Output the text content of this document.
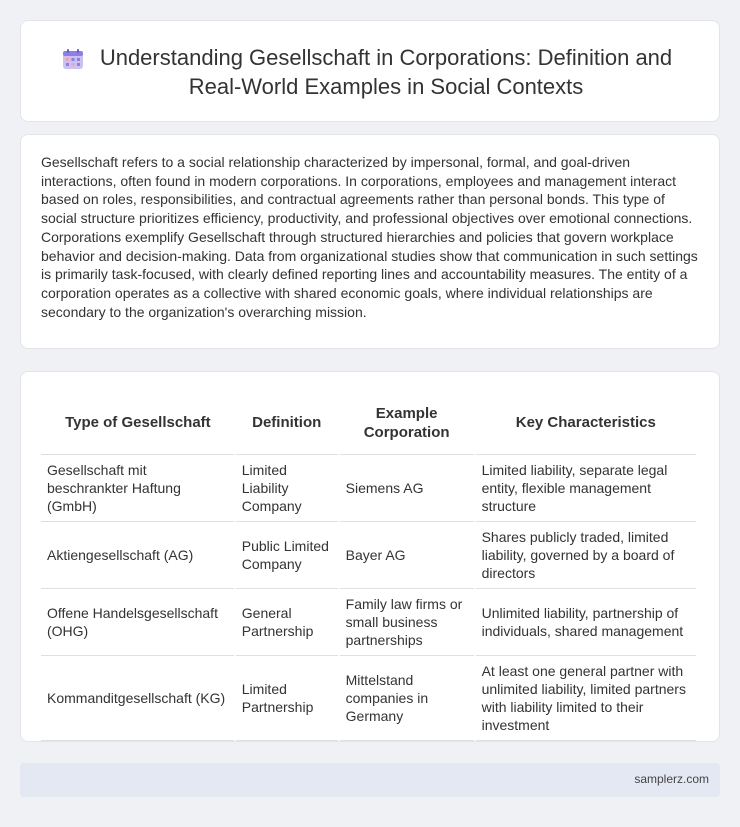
Understanding Gesellschaft in Corporations: Definition and Real-World Examples in Social Contexts

Gesellschaft refers to a social relationship characterized by impersonal, formal, and goal-driven interactions, often found in modern corporations. In corporations, employees and management interact based on roles, responsibilities, and contractual agreements rather than personal bonds. This type of social structure prioritizes efficiency, productivity, and professional objectives over emotional connections. Corporations exemplify Gesellschaft through structured hierarchies and policies that govern workplace behavior and decision-making. Data from organizational studies show that communication in such settings is primarily task-focused, with clearly defined reporting lines and accountability measures. The entity of a corporation operates as a collective with shared economic goals, where individual relationships are secondary to the organization's overarching mission.

Type of Gesellschaft	Definition	Example Corporation	Key Characteristics
Gesellschaft mit beschrankter Haftung (GmbH)	Limited Liability Company	Siemens AG	Limited liability, separate legal entity, flexible management structure
Aktiengesellschaft (AG)	Public Limited Company	Bayer AG	Shares publicly traded, limited liability, governed by a board of directors
Offene Handelsgesellschaft (OHG)	General Partnership	Family law firms or small business partnerships	Unlimited liability, partnership of individuals, shared management
Kommanditgesellschaft (KG)	Limited Partnership	Mittelstand companies in Germany	At least one general partner with unlimited liability, limited partners with liability limited to their investment
samplerz.com
